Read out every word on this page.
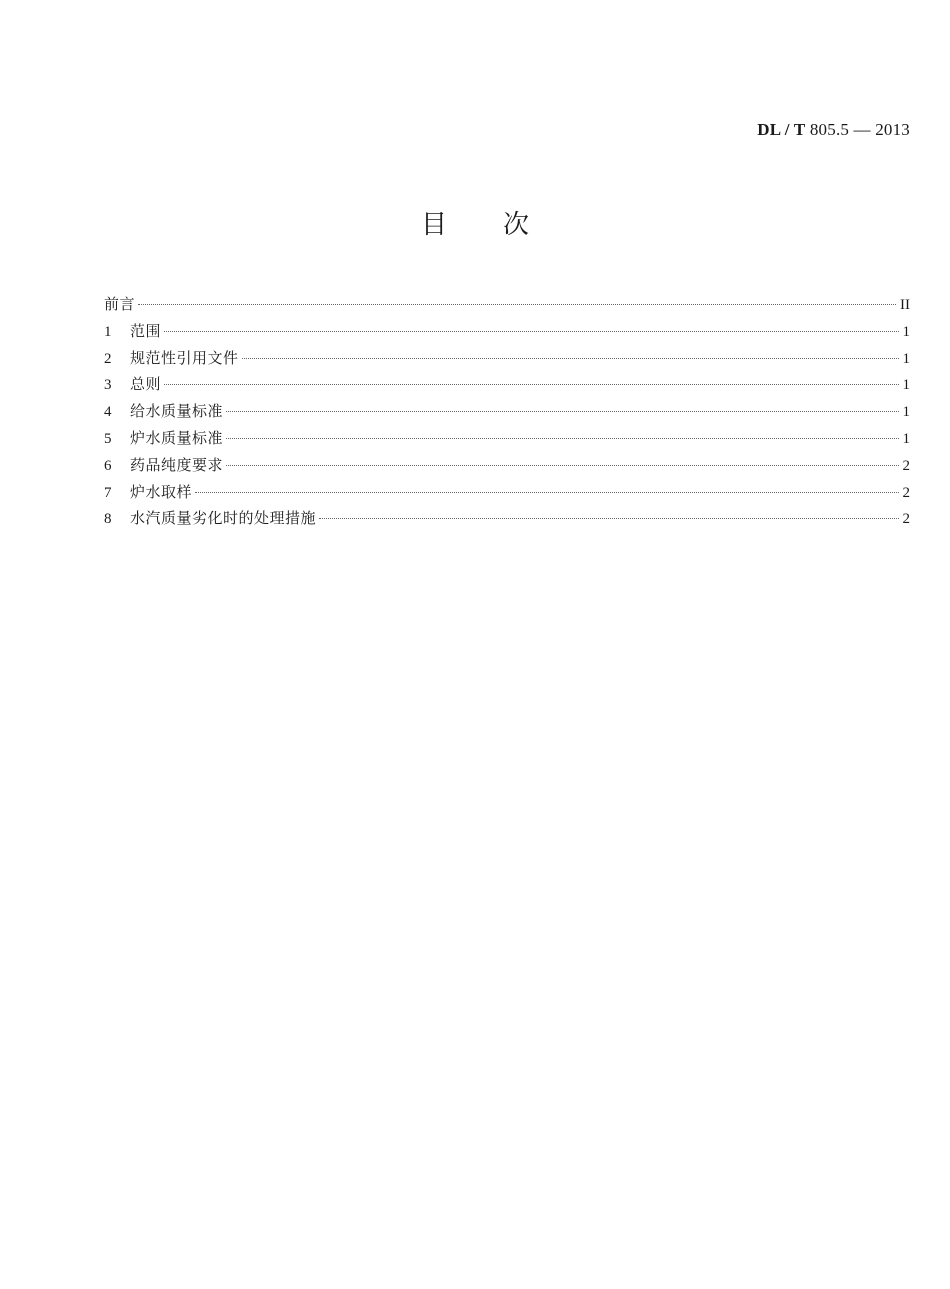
DL / T 805.5 — 2013
目次
前言	II
1	范围	1
2	规范性引用文件	1
3	总则	1
4	给水质量标准	1
5	炉水质量标准	1
6	药品纯度要求	2
7	炉水取样	2
8	水汽质量劣化时的处理措施	2
